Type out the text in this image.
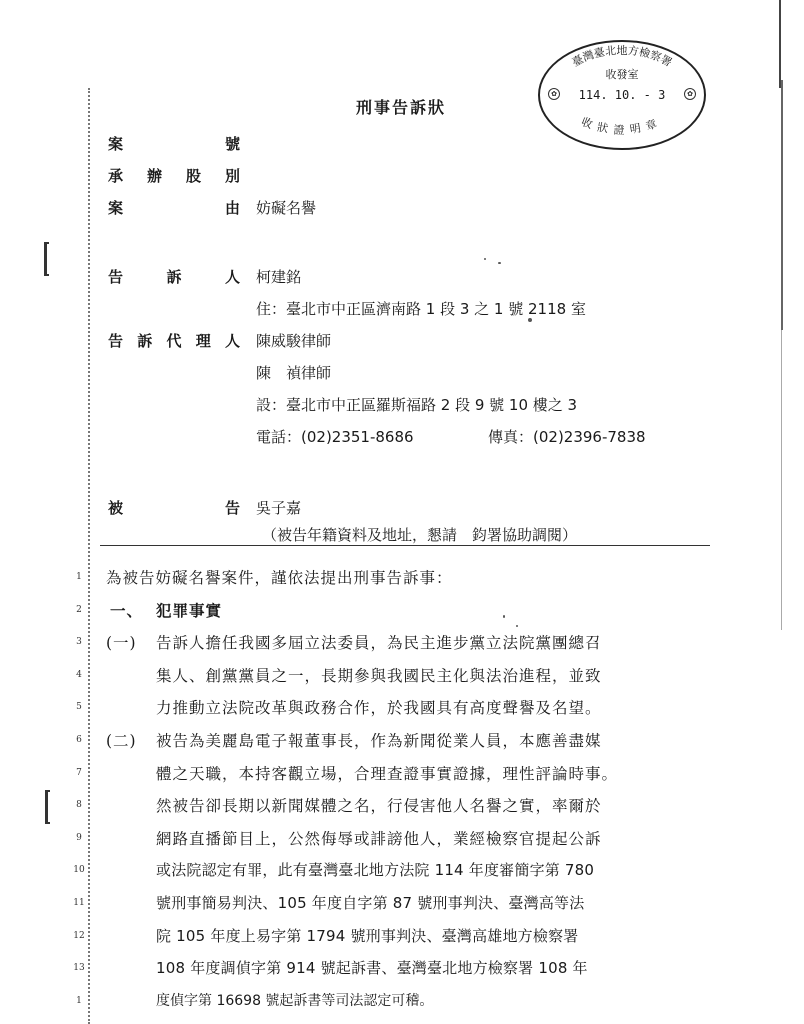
臺灣臺北地方檢察署
收狀證明章
收發室
114. 10. - 3
✿	✿
刑事告訴狀
案	號
承 辦 股 別
案	由 妨礙名譽
告	訴	人 柯建銘
住：臺北市中正區濟南路 1 段 3 之 1 號 2118 室
告 訴 代 理 人 陳威駿律師
陳　禎律師
設：臺北市中正區羅斯福路 2 段 9 號 10 樓之 3
電話：(02)2351-8686	傳真：(02)2396-7838
被	告 吳子嘉
（被告年籍資料及地址，懇請　鈞署協助調閱）
1 為被告妨礙名譽案件，謹依法提出刑事告訴事：
2 一、 犯罪事實
3 (一) 告訴人擔任我國多屆立法委員，為民主進步黨立法院黨團總召
4	集人、創黨黨員之一，長期參與我國民主化與法治進程，並致
5	力推動立法院改革與政務合作，於我國具有高度聲譽及名望。
6 (二) 被告為美麗島電子報董事長，作為新聞從業人員，本應善盡媒
7	體之天職，本持客觀立場，合理查證事實證據，理性評論時事。
8	然被告卻長期以新聞媒體之名，行侵害他人名譽之實，率爾於
9	網路直播節目上，公然侮辱或誹謗他人，業經檢察官提起公訴
10	或法院認定有罪，此有臺灣臺北地方法院 114 年度審簡字第 780
11	號刑事簡易判決、105 年度自字第 87 號刑事判決、臺灣高等法
12	院 105 年度上易字第 1794 號刑事判決、臺灣高雄地方檢察署
13	108 年度調偵字第 914 號起訴書、臺灣臺北地方檢察署 108 年
1	度偵字第 16698 號起訴書等司法認定可稽。
